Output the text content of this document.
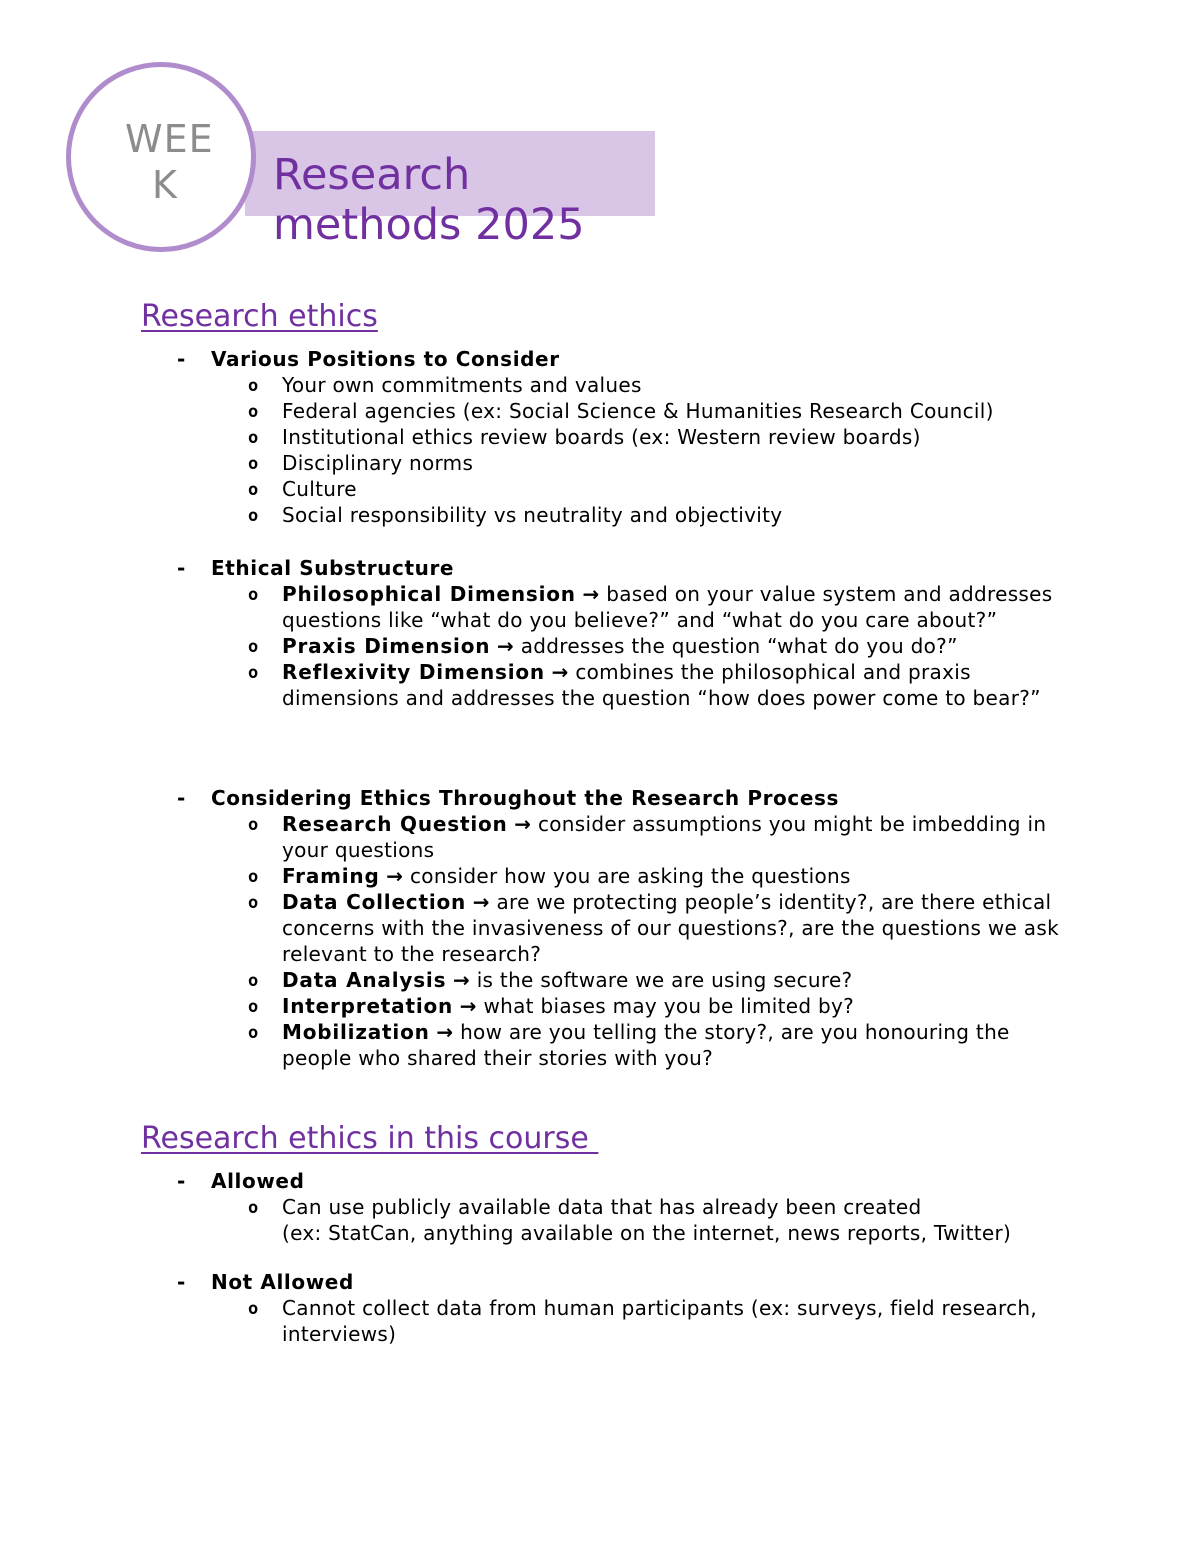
WEE
K	Research
methods 2025
Research ethics
- Various Positions to Consider
o Your own commitments and values
o Federal agencies (ex: Social Science & Humanities Research Council)
o Institutional ethics review boards (ex: Western review boards)
o Disciplinary norms
o Culture
o Social responsibility vs neutrality and objectivity
- Ethical Substructure
o Philosophical Dimension → based on your value system and addresses questions like “what do you believe?” and “what do you care about?”
o Praxis Dimension → addresses the question “what do you do?”
o Reflexivity Dimension → combines the philosophical and praxis dimensions and addresses the question “how does power come to bear?”
- Considering Ethics Throughout the Research Process
o Research Question → consider assumptions you might be imbedding in your questions
o Framing → consider how you are asking the questions
o Data Collection → are we protecting people’s identity?, are there ethical concerns with the invasiveness of our questions?, are the questions we ask relevant to the research?
o Data Analysis → is the software we are using secure?
o Interpretation → what biases may you be limited by?
o Mobilization → how are you telling the story?, are you honouring the people who shared their stories with you?
Research ethics in this course
- Allowed
o Can use publicly available data that has already been created
(ex: StatCan, anything available on the internet, news reports, Twitter)
- Not Allowed
o Cannot collect data from human participants (ex: surveys, field research, interviews)
